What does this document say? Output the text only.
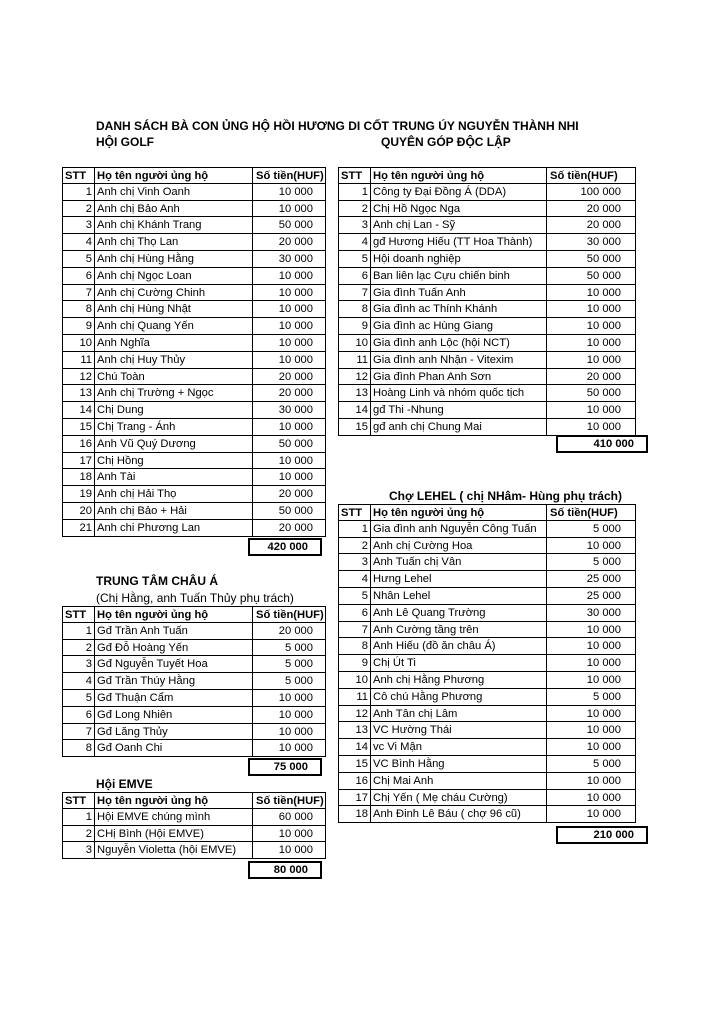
DANH SÁCH BÀ CON ỦNG HỘ HỒI HƯƠNG DI CỐT TRUNG ÚY NGUYỄN THÀNH NHI
HỘI GOLF	QUYÊN GÓP ĐỘC LẬP
STT Họ tên người ủng hộ	Số tiền(HUF)
1 Anh chị Vinh Oanh	10 000
2 Anh chị Bảo Anh	10 000
3 Anh chị Khánh Trang	50 000
4 Anh chị Thọ Lan	20 000
5 Anh chị Hùng Hằng	30 000
6 Anh chị Ngọc Loan	10 000
7 Anh chị Cường Chinh	10 000
8 Anh chị Hùng Nhật	10 000
9 Anh chị Quang Yến	10 000
10 Anh Nghĩa	10 000
11 Anh chị Huy Thủy	10 000
12 Chú Toàn	20 000
13 Anh chị Trường + Ngọc	20 000
14 Chị Dung	30 000
15 Chị Trang - Ánh	10 000
16 Anh Vũ Quý Dương	50 000
17 Chị Hồng	10 000
18 Anh Tài	10 000
19 Anh chị Hải Thọ	20 000
20 Anh chị Bảo + Hải	50 000
21 Anh chi Phương Lan	20 000
420 000
STT Họ tên người ủng hộ	Số tiền(HUF)
1 Công ty Đại Đồng Á (DDA)	100 000
2 Chị Hồ Ngọc Nga	20 000
3 Anh chị Lan - Sỹ	20 000
4 gđ Hương Hiếu (TT Hoa Thành)	30 000
5 Hội doanh nghiệp	50 000
6 Ban liên lạc Cựu chiến binh	50 000
7 Gia đình Tuấn Anh	10 000
8 Gia đình ac Thính Khánh	10 000
9 Gia đình ac Hùng Giang	10 000
10 Gia đình anh Lộc (hội NCT)	10 000
11 Gia đình anh Nhận - Vitexim	10 000
12 Gia đình Phan Anh Sơn	20 000
13 Hoàng Linh và nhóm quốc tịch	50 000
14 gđ Thi -Nhung	10 000
15 gđ anh chị Chung Mai	10 000
410 000
TRUNG TÂM CHÂU Á
(Chị Hằng, anh Tuấn Thủy phụ trách)
STT Họ tên người ủng hộ	Số tiền(HUF)
1 Gđ Trần Anh Tuấn	20 000
2 Gđ Đỗ Hoàng Yến	5 000
3 Gđ Nguyễn Tuyết Hoa	5 000
4 Gđ Trần Thúy Hằng	5 000
5 Gđ Thuận Cẩm	10 000
6 Gđ Long Nhiên	10 000
7 Gđ Lăng Thủy	10 000
8 Gđ Oanh Chi	10 000
75 000
Hội EMVE
STT Họ tên người ủng hộ	Số tiền(HUF)
1 Hội EMVE chúng mình	60 000
2 CHị Bình (Hội EMVE)	10 000
3 Nguyễn Violetta (hội EMVE)	10 000
80 000
Chợ LEHEL ( chị NHâm- Hùng phụ trách)
STT Họ tên người ủng hộ	Số tiền(HUF)
1 Gia đình anh Nguyễn Công Tuấn	5 000
2 Anh chị Cường Hoa	10 000
3 Anh Tuấn chị Vân	5 000
4 Hưng Lehel	25 000
5 Nhân Lehel	25 000
6 Anh Lê Quang Trường	30 000
7 Anh Cường tầng trên	10 000
8 Anh Hiếu (đồ ăn châu Á)	10 000
9 Chị Út Ti	10 000
10 Anh chị Hằng Phương	10 000
11 Cô chú Hằng Phương	5 000
12 Anh Tân chị Lâm	10 000
13 VC Hường Thái	10 000
14 vc Vi Mận	10 000
15 VC Bình Hằng	5 000
16 Chị Mai Anh	10 000
17 Chị Yến ( Mẹ cháu Cường)	10 000
18 Anh Đinh Lê Báu ( chợ 96 cũ)	10 000
210 000
